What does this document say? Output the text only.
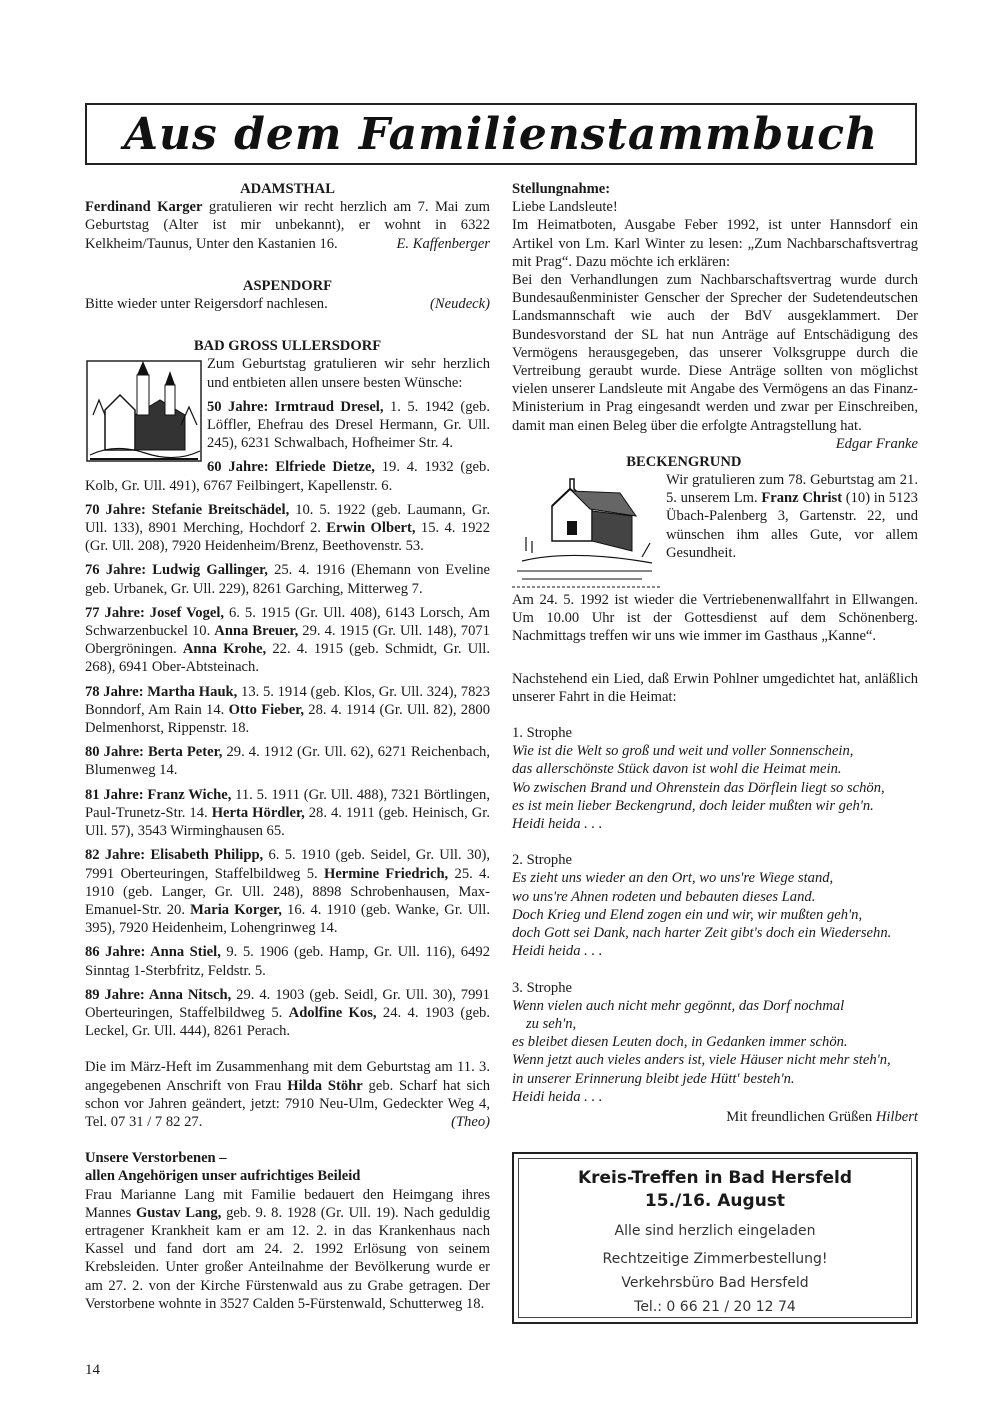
Aus dem Familienstammbuch

ADAMSTHAL

Ferdinand Karger gratulieren wir recht herzlich am 7. Mai zum Geburtstag (Alter ist mir unbekannt), er wohnt in 6322 Kelkheim/Taunus, Unter den Kastanien 16.	E. Kaffenberger

ASPENDORF

Bitte wieder unter Reigersdorf nachlesen.	(Neudeck)

BAD GROSS ULLERSDORF

Zum Geburtstag gratulieren wir sehr herzlich und entbieten allen unsere besten Wünsche:

50 Jahre: Irmtraud Dresel, 1. 5. 1942 (geb. Löffler, Ehefrau des Dresel Hermann, Gr. Ull. 245), 6231 Schwalbach, Hofheimer Str. 4.

60 Jahre: Elfriede Dietze, 19. 4. 1932 (geb. Kolb, Gr. Ull. 491), 6767 Feilbingert, Kapellenstr. 6.

70 Jahre: Stefanie Breitschädel, 10. 5. 1922 (geb. Laumann, Gr. Ull. 133), 8901 Merching, Hochdorf 2. Erwin Olbert, 15. 4. 1922 (Gr. Ull. 208), 7920 Heidenheim/Brenz, Beethovenstr. 53.

76 Jahre: Ludwig Gallinger, 25. 4. 1916 (Ehemann von Eveline geb. Urbanek, Gr. Ull. 229), 8261 Garching, Mitterweg 7.

77 Jahre: Josef Vogel, 6. 5. 1915 (Gr. Ull. 408), 6143 Lorsch, Am Schwarzenbuckel 10. Anna Breuer, 29. 4. 1915 (Gr. Ull. 148), 7071 Obergröningen. Anna Krohe, 22. 4. 1915 (geb. Schmidt, Gr. Ull. 268), 6941 Ober-Abtsteinach.

78 Jahre: Martha Hauk, 13. 5. 1914 (geb. Klos, Gr. Ull. 324), 7823 Bonndorf, Am Rain 14. Otto Fieber, 28. 4. 1914 (Gr. Ull. 82), 2800 Delmenhorst, Rippenstr. 18.

80 Jahre: Berta Peter, 29. 4. 1912 (Gr. Ull. 62), 6271 Reichenbach, Blumenweg 14.

81 Jahre: Franz Wiche, 11. 5. 1911 (Gr. Ull. 488), 7321 Börtlingen, Paul-Trunetz-Str. 14. Herta Hördler, 28. 4. 1911 (geb. Heinisch, Gr. Ull. 57), 3543 Wirminghausen 65.

82 Jahre: Elisabeth Philipp, 6. 5. 1910 (geb. Seidel, Gr. Ull. 30), 7991 Oberteuringen, Staffelbildweg 5. Hermine Friedrich, 25. 4. 1910 (geb. Langer, Gr. Ull. 248), 8898 Schrobenhausen, Max-Emanuel-Str. 20. Maria Korger, 16. 4. 1910 (geb. Wanke, Gr. Ull. 395), 7920 Heidenheim, Lohengrinweg 14.

86 Jahre: Anna Stiel, 9. 5. 1906 (geb. Hamp, Gr. Ull. 116), 6492 Sinntag 1-Sterbfritz, Feldstr. 5.

89 Jahre: Anna Nitsch, 29. 4. 1903 (geb. Seidl, Gr. Ull. 30), 7991 Oberteuringen, Staffelbildweg 5. Adolfine Kos, 24. 4. 1903 (geb. Leckel, Gr. Ull. 444), 8261 Perach.

Die im März-Heft im Zusammenhang mit dem Geburtstag am 11. 3. angegebenen Anschrift von Frau Hilda Stöhr geb. Scharf hat sich schon vor Jahren geändert, jetzt: 7910 Neu-Ulm, Gedeckter Weg 4, Tel. 07 31 / 7 82 27.	(Theo)

Unsere Verstorbenen –

allen Angehörigen unser aufrichtiges Beileid

Frau Marianne Lang mit Familie bedauert den Heimgang ihres Mannes Gustav Lang, geb. 9. 8. 1928 (Gr. Ull. 19). Nach geduldig ertragener Krankheit kam er am 12. 2. in das Krankenhaus nach Kassel und fand dort am 24. 2. 1992 Erlösung von seinem Krebsleiden. Unter großer Anteilnahme der Bevölkerung wurde er am 27. 2. von der Kirche Fürstenwald aus zu Grabe getragen. Der Verstorbene wohnte in 3527 Calden 5-Fürstenwald, Schutterweg 18.

Stellungnahme:

Liebe Landsleute!

Im Heimatboten, Ausgabe Feber 1992, ist unter Hannsdorf ein Artikel von Lm. Karl Winter zu lesen: „Zum Nachbarschaftsvertrag mit Prag“. Dazu möchte ich erklären:

Bei den Verhandlungen zum Nachbarschaftsvertrag wurde durch Bundesaußenminister Genscher der Sprecher der Sudetendeutschen Landsmannschaft wie auch der BdV ausgeklammert. Der Bundesvorstand der SL hat nun Anträge auf Entschädigung des Vermögens herausgegeben, das unserer Volksgruppe durch die Vertreibung geraubt wurde. Diese Anträge sollten von möglichst vielen unserer Landsleute mit Angabe des Vermögens an das Finanz-Ministerium in Prag eingesandt werden und zwar per Einschreiben, damit man einen Beleg über die erfolgte Antragstellung hat.
Edgar Franke

BECKENGRUND

Wir gratulieren zum 78. Geburtstag am 21. 5. unserem Lm. Franz Christ (10) in 5123 Übach-Palenberg 3, Gartenstr. 22, und wünschen ihm alles Gute, vor allem Gesundheit.

Am 24. 5. 1992 ist wieder die Vertriebenenwallfahrt in Ellwangen. Um 10.00 Uhr ist der Gottesdienst auf dem Schönenberg. Nachmittags treffen wir uns wie immer im Gasthaus „Kanne“.

Nachstehend ein Lied, daß Erwin Pohlner umgedichtet hat, anläßlich unserer Fahrt in die Heimat:

1. Strophe

Wie ist die Welt so groß und weit und voller Sonnenschein,
das allerschönste Stück davon ist wohl die Heimat mein.
Wo zwischen Brand und Ohrenstein das Dörflein liegt so schön,
es ist mein lieber Beckengrund, doch leider mußten wir geh'n.
Heidi heida . . .

2. Strophe

Es zieht uns wieder an den Ort, wo uns're Wiege stand,
wo uns're Ahnen rodeten und bebauten dieses Land.
Doch Krieg und Elend zogen ein und wir, wir mußten geh'n,
doch Gott sei Dank, nach harter Zeit gibt's doch ein Wiedersehn.
Heidi heida . . .

3. Strophe

Wenn vielen auch nicht mehr gegönnt, das Dorf nochmal
zu seh'n,
es bleibet diesen Leuten doch, in Gedanken immer schön.
Wenn jetzt auch vieles anders ist, viele Häuser nicht mehr steh'n,
in unserer Erinnerung bleibt jede Hütt' besteh'n.
Heidi heida . . .

Mit freundlichen Grüßen Hilbert

Kreis-Treffen in Bad Hersfeld
15./16. August
Alle sind herzlich eingeladen
Rechtzeitige Zimmerbestellung!
Verkehrsbüro Bad Hersfeld
Tel.: 0 66 21 / 20 12 74
14
